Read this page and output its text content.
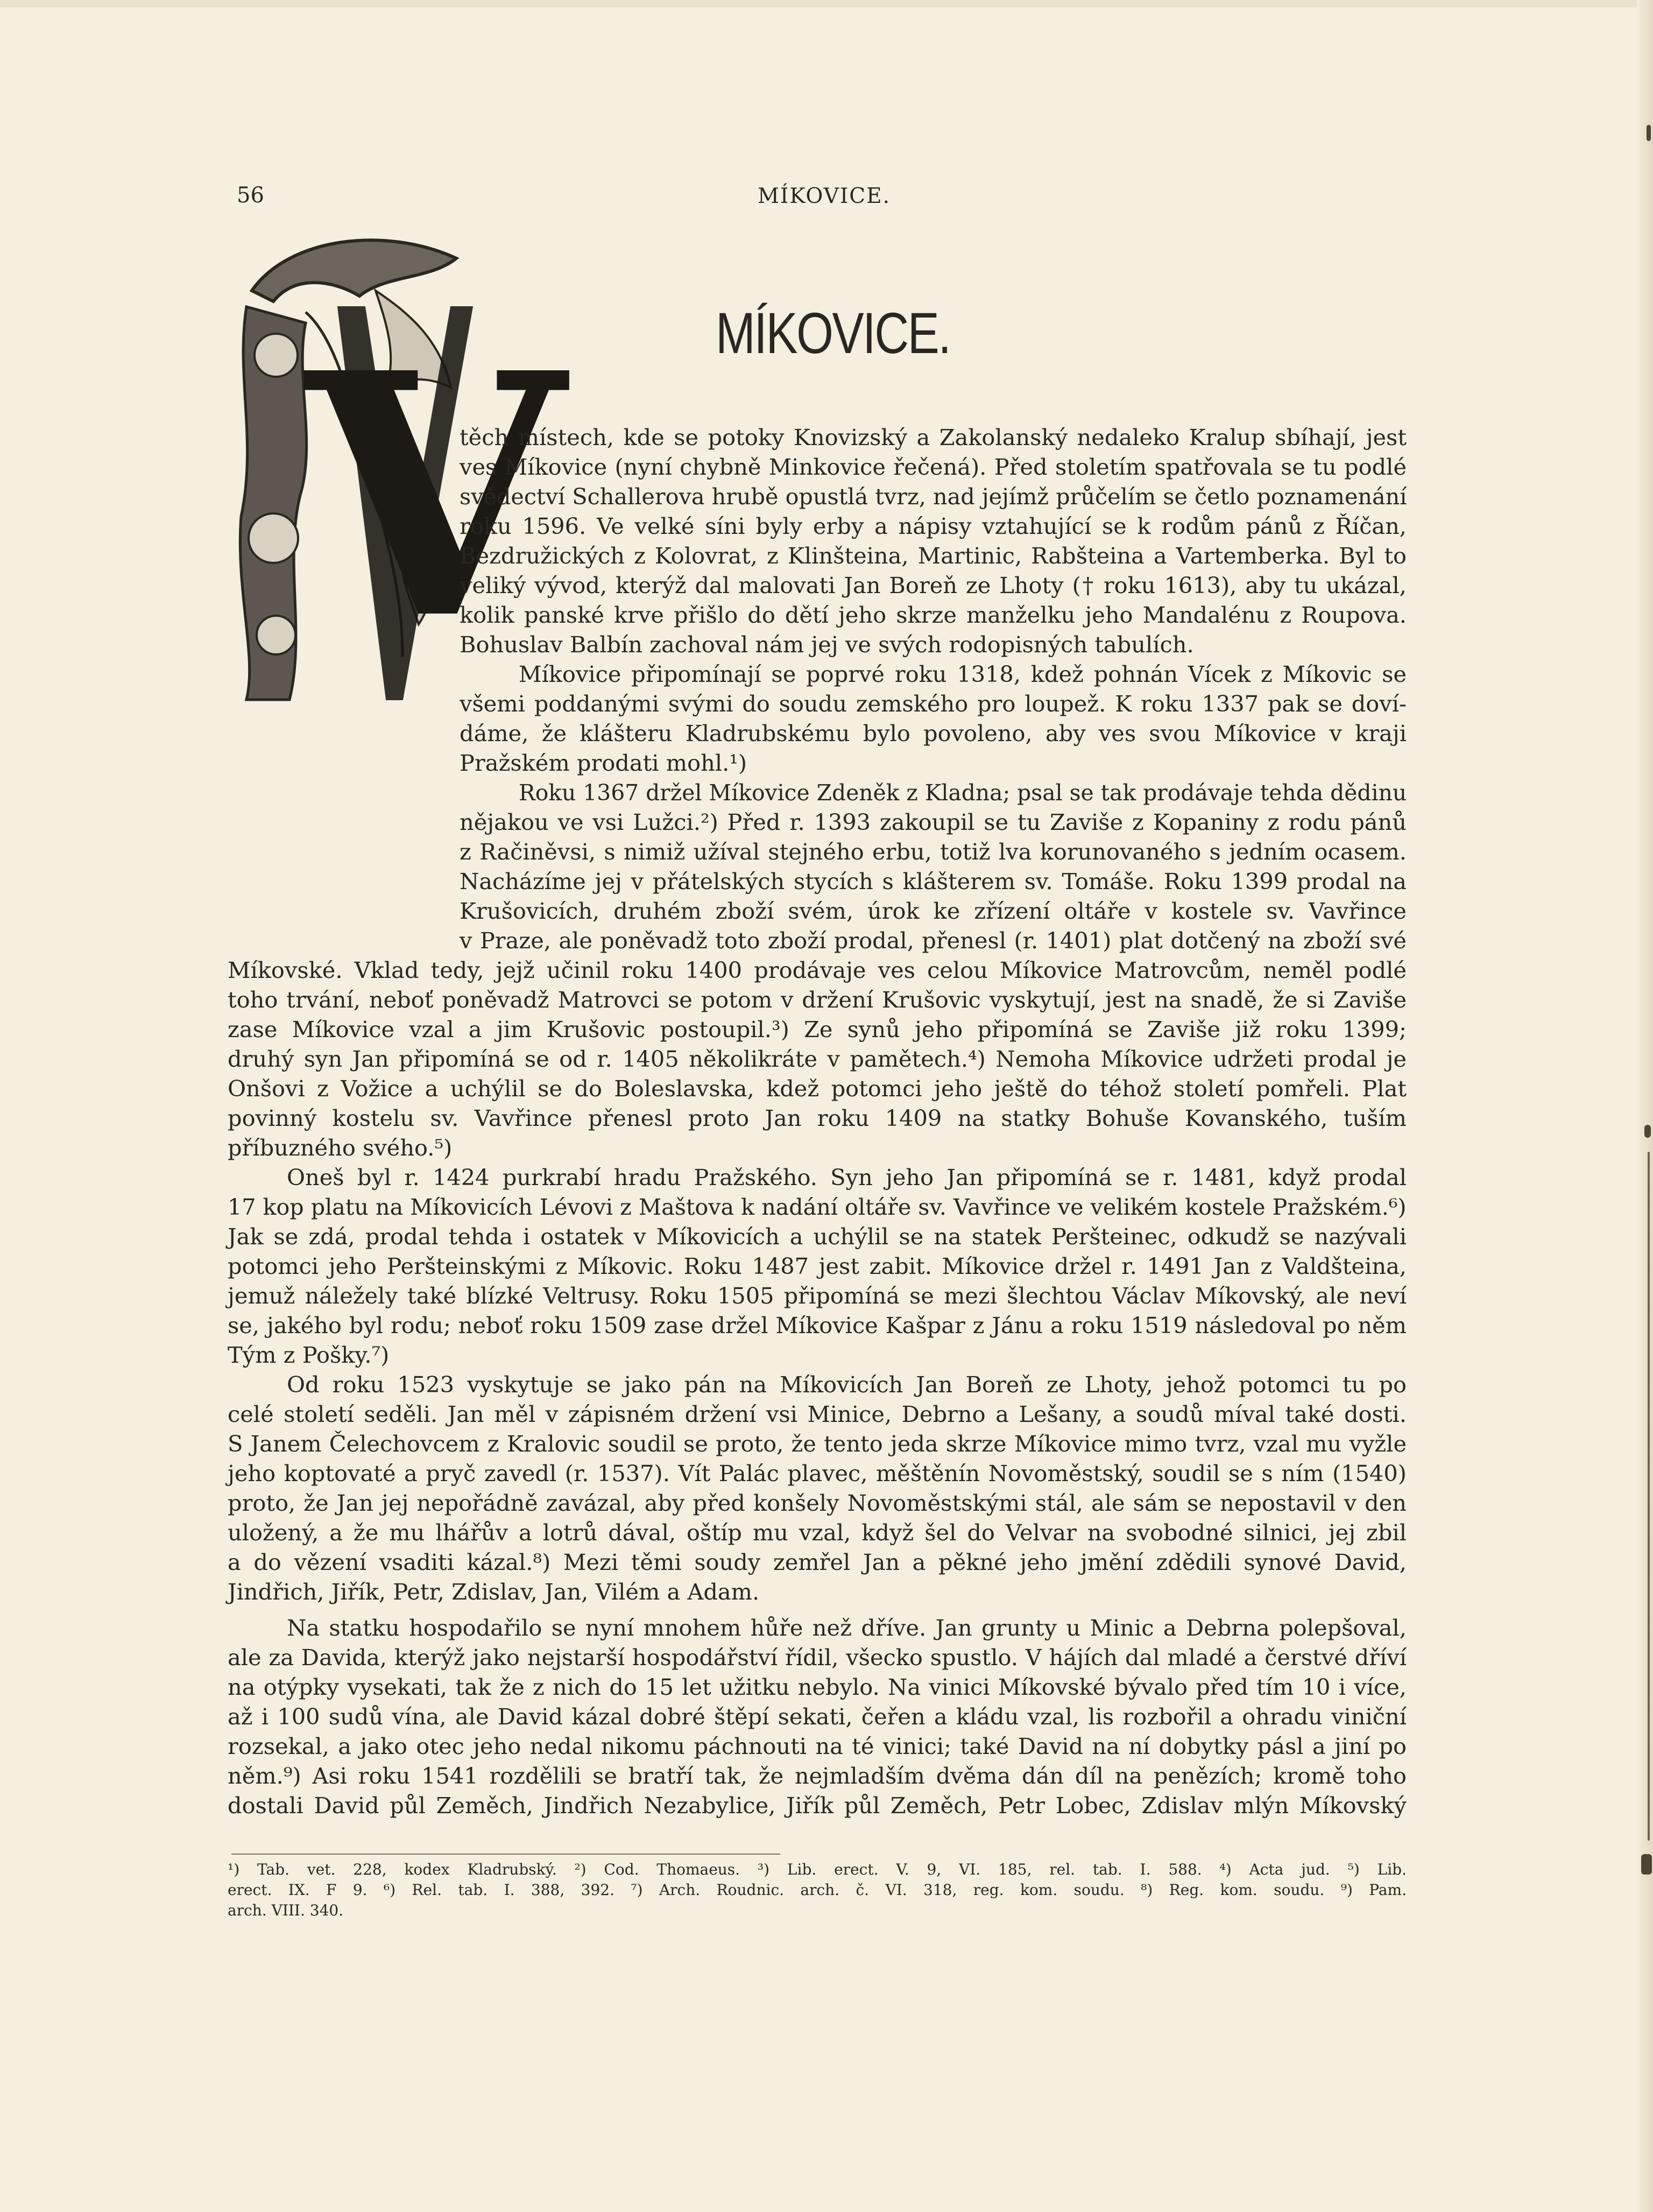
56	MÍKOVICE.
MÍKOVICE.
V
těch místech, kde se potoky Knovizský a Zakolanský nedaleko Kralup sbíhají, jest
ves Míkovice (nyní chybně Minkovice řečená). Před stoletím spatřovala se tu podlé
svědectví Schallerova hrubě opustlá tvrz, nad jejímž průčelím se četlo poznamenání
roku 1596. Ve velké síni byly erby a nápisy vztahující se k rodům pánů z Říčan,
Bezdružických z Kolovrat, z Klinšteina, Martinic, Rabšteina a Vartemberka. Byl to
veliký vývod, kterýž dal malovati Jan Boreň ze Lhoty († roku 1613), aby tu ukázal,
kolik panské krve přišlo do dětí jeho skrze manželku jeho Mandalénu z Roupova.
Bohuslav Balbín zachoval nám jej ve svých rodopisných tabulích.
Míkovice připomínají se poprvé roku 1318, kdež pohnán Vícek z Míkovic se
všemi poddanými svými do soudu zemského pro loupež. K roku 1337 pak se doví-
dáme, že klášteru Kladrubskému bylo povoleno, aby ves svou Míkovice v kraji
Pražském prodati mohl.¹)
Roku 1367 držel Míkovice Zdeněk z Kladna; psal se tak prodávaje tehda dědinu
nějakou ve vsi Lužci.²) Před r. 1393 zakoupil se tu Zaviše z Kopaniny z rodu pánů
z Račiněvsi, s nimiž užíval stejného erbu, totiž lva korunovaného s jedním ocasem.
Nacházíme jej v přátelských stycích s klášterem sv. Tomáše. Roku 1399 prodal na
Krušovicích, druhém zboží svém, úrok ke zřízení oltáře v kostele sv. Vavřince
v Praze, ale poněvadž toto zboží prodal, přenesl (r. 1401) plat dotčený na zboží své
Míkovské. Vklad tedy, jejž učinil roku 1400 prodávaje ves celou Míkovice Matrovcům, neměl podlé
toho trvání, neboť poněvadž Matrovci se potom v držení Krušovic vyskytují, jest na snadě, že si Zaviše
zase Míkovice vzal a jim Krušovic postoupil.³) Ze synů jeho připomíná se Zaviše již roku 1399;
druhý syn Jan připomíná se od r. 1405 několikráte v pamětech.⁴) Nemoha Míkovice udržeti prodal je
Onšovi z Vožice a uchýlil se do Boleslavska, kdež potomci jeho ještě do téhož století pomřeli. Plat
povinný kostelu sv. Vavřince přenesl proto Jan roku 1409 na statky Bohuše Kovanského, tuším
příbuzného svého.⁵)
Oneš byl r. 1424 purkrabí hradu Pražského. Syn jeho Jan připomíná se r. 1481, když prodal
17 kop platu na Míkovicích Lévovi z Maštova k nadání oltáře sv. Vavřince ve velikém kostele Pražském.⁶)
Jak se zdá, prodal tehda i ostatek v Míkovicích a uchýlil se na statek Peršteinec, odkudž se nazývali
potomci jeho Peršteinskými z Míkovic. Roku 1487 jest zabit. Míkovice držel r. 1491 Jan z Valdšteina,
jemuž náležely také blízké Veltrusy. Roku 1505 připomíná se mezi šlechtou Václav Míkovský, ale neví
se, jakého byl rodu; neboť roku 1509 zase držel Míkovice Kašpar z Jánu a roku 1519 následoval po něm
Tým z Pošky.⁷)
Od roku 1523 vyskytuje se jako pán na Míkovicích Jan Boreň ze Lhoty, jehož potomci tu po
celé století seděli. Jan měl v zápisném držení vsi Minice, Debrno a Lešany, a soudů míval také dosti.
S Janem Čelechovcem z Kralovic soudil se proto, že tento jeda skrze Míkovice mimo tvrz, vzal mu vyžle
jeho koptovaté a pryč zavedl (r. 1537). Vít Palác plavec, měštěnín Novoměstský, soudil se s ním (1540)
proto, že Jan jej nepořádně zavázal, aby před konšely Novoměstskými stál, ale sám se nepostavil v den
uložený, a že mu lhářův a lotrů dával, oštíp mu vzal, když šel do Velvar na svobodné silnici, jej zbil
a do vězení vsaditi kázal.⁸) Mezi těmi soudy zemřel Jan a pěkné jeho jmění zdědili synové David,
Jindřich, Jiřík, Petr, Zdislav, Jan, Vilém a Adam.
Na statku hospodařilo se nyní mnohem hůře než dříve. Jan grunty u Minic a Debrna polepšoval,
ale za Davida, kterýž jako nejstarší hospodářství řídil, všecko spustlo. V hájích dal mladé a čerstvé dříví
na otýpky vysekati, tak že z nich do 15 let užitku nebylo. Na vinici Míkovské bývalo před tím 10 i více,
až i 100 sudů vína, ale David kázal dobré štěpí sekati, čeřen a kládu vzal, lis rozbořil a ohradu viniční
rozsekal, a jako otec jeho nedal nikomu páchnouti na té vinici; také David na ní dobytky pásl a jiní po
něm.⁹) Asi roku 1541 rozdělili se bratří tak, že nejmladším dvěma dán díl na penězích; kromě toho
dostali David půl Zeměch, Jindřich Nezabylice, Jiřík půl Zeměch, Petr Lobec, Zdislav mlýn Míkovský
¹) Tab. vet. 228, kodex Kladrubský. ²) Cod. Thomaeus. ³) Lib. erect. V. 9, VI. 185, rel. tab. I. 588. ⁴) Acta jud. ⁵) Lib.
erect. IX. F 9. ⁶) Rel. tab. I. 388, 392. ⁷) Arch. Roudnic. arch. č. VI. 318, reg. kom. soudu. ⁸) Reg. kom. soudu. ⁹) Pam.
arch. VIII. 340.
